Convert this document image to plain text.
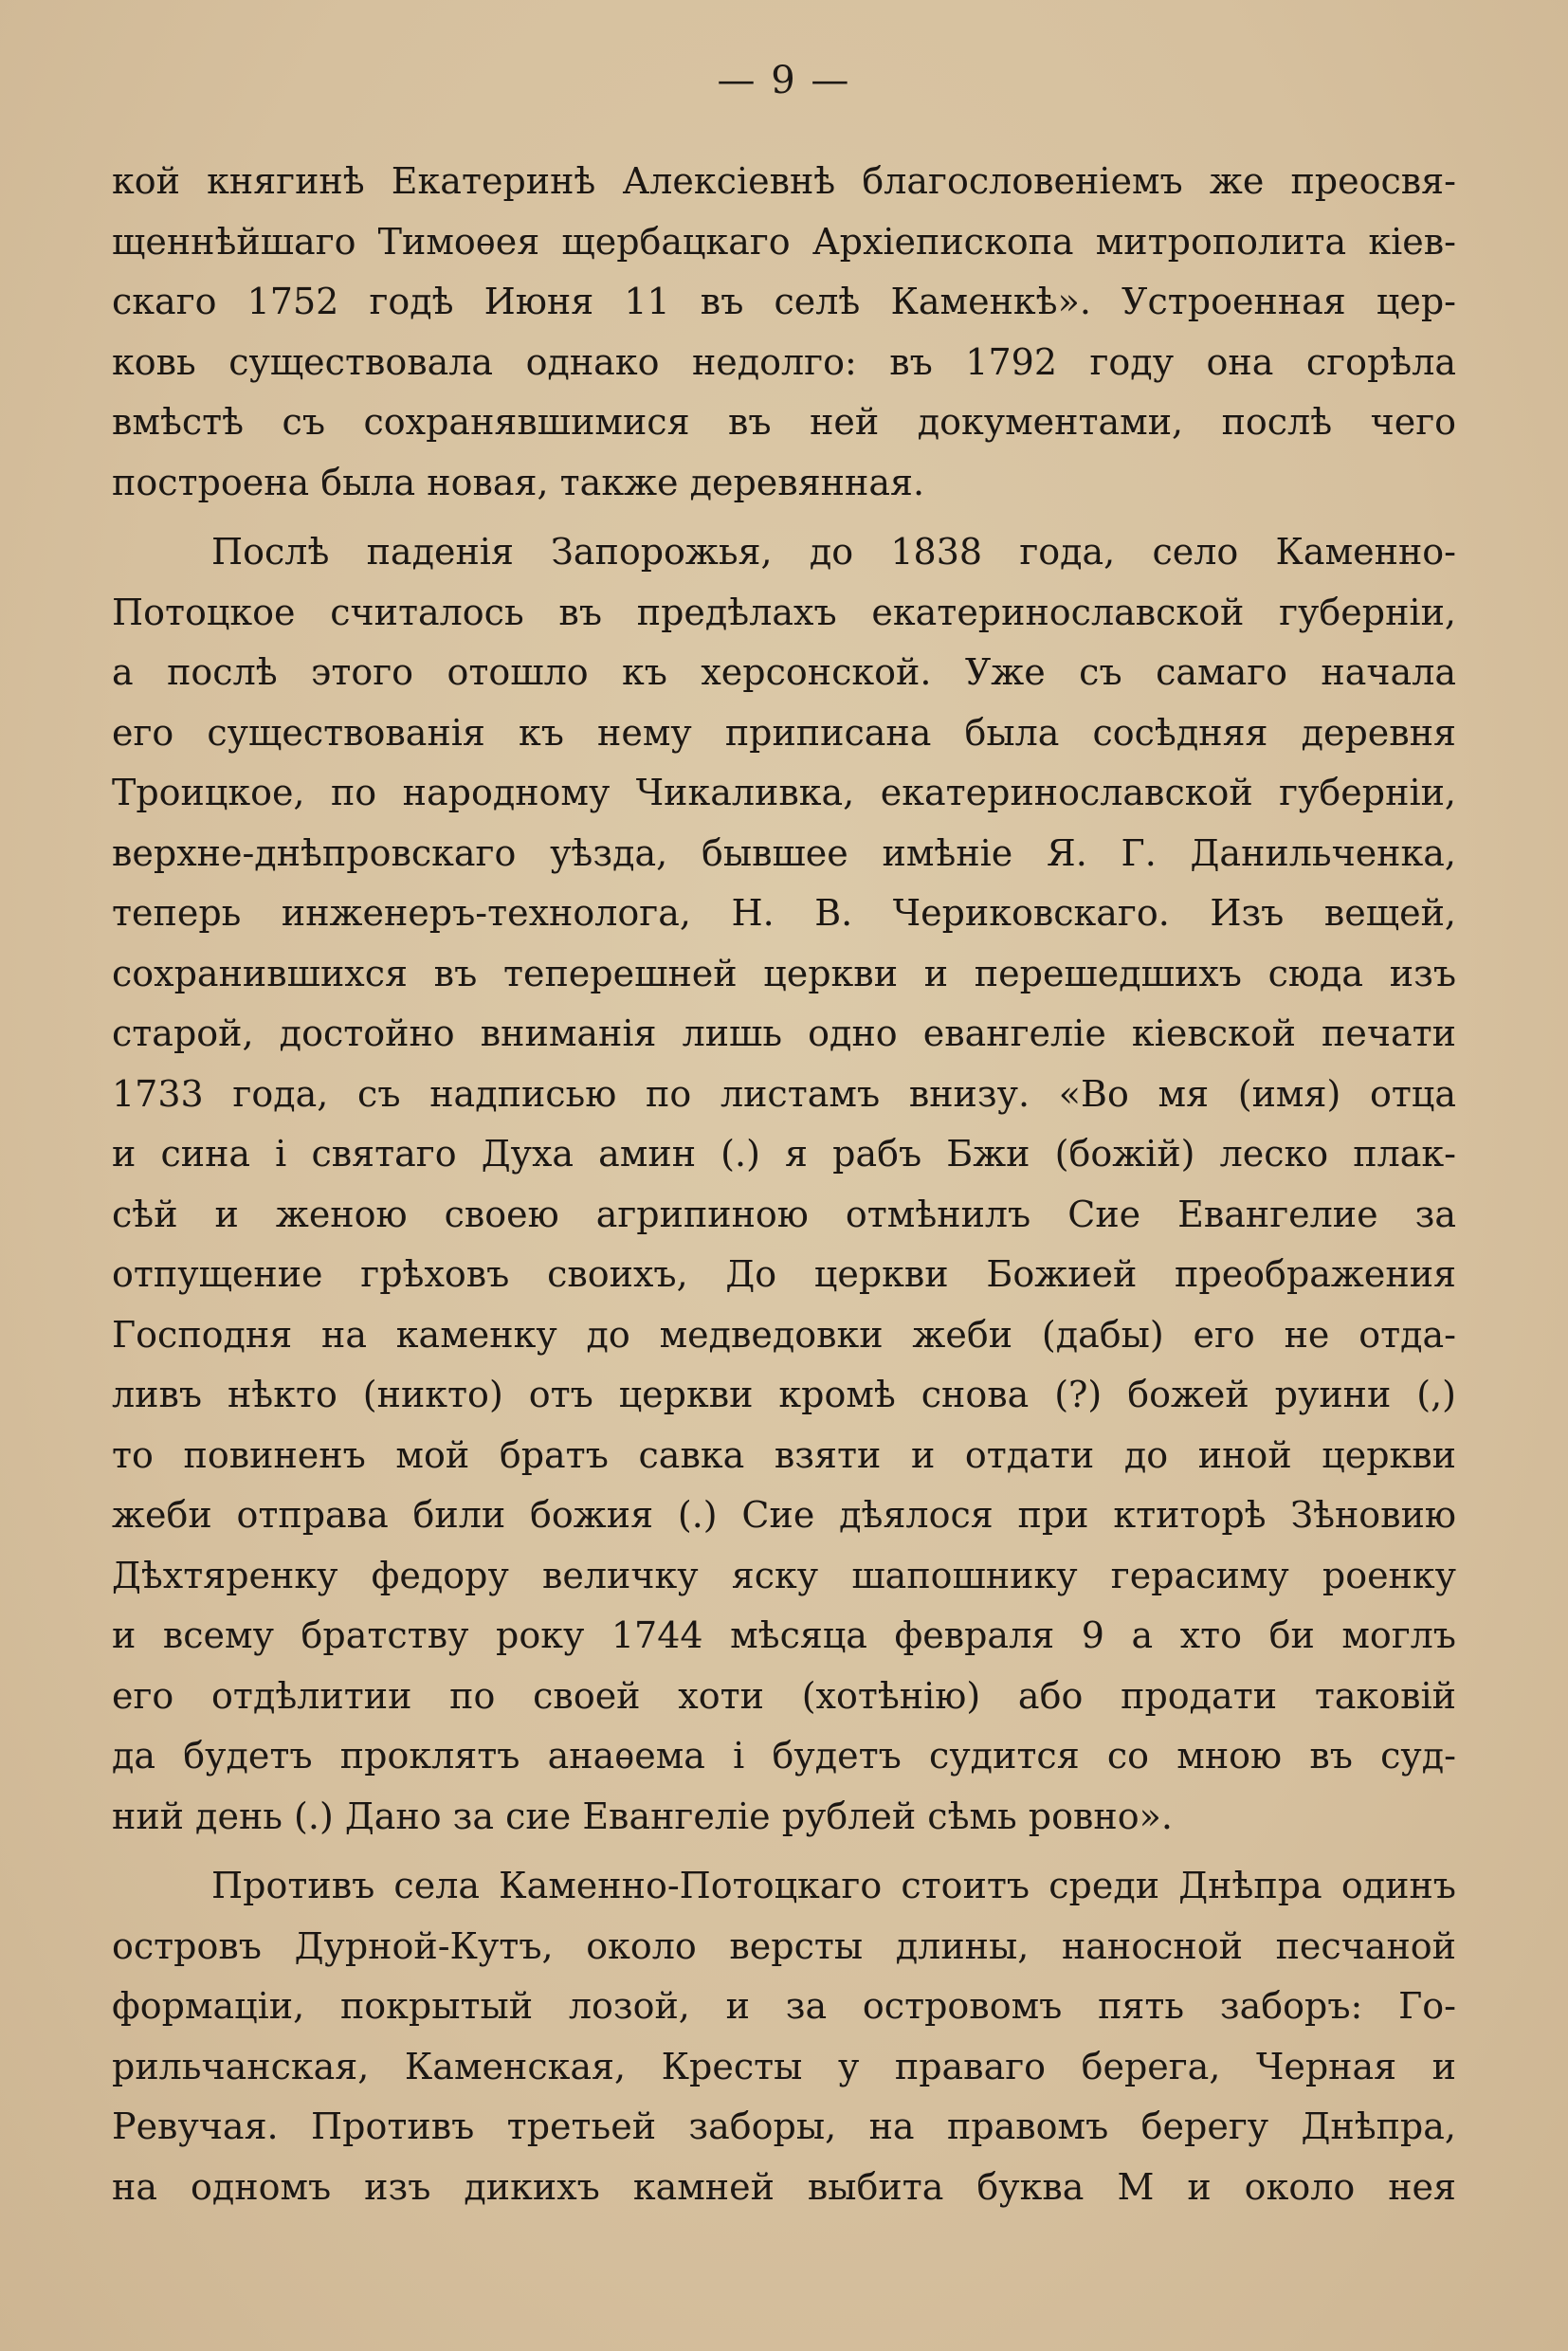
— 9 —
кой княгинѣ Екатеринѣ Алексіевнѣ благословеніемъ же преосвя-
щеннѣйшаго Тимоѳея щербацкаго Архіепископа митрополита кіев-
скаго 1752 годѣ Июня 11 въ селѣ Каменкѣ». Устроенная цер-
ковь существовала однако недолго: въ 1792 году она сгорѣла
вмѣстѣ съ сохранявшимися въ ней документами, послѣ чего
построена была новая, также деревянная.
Послѣ паденія Запорожья, до 1838 года, село Каменно-
Потоцкое считалось въ предѣлахъ екатеринославской губерніи,
а послѣ этого отошло къ херсонской. Уже съ самаго начала
его существованія къ нему приписана была сосѣдняя деревня
Троицкое, по народному Чикаливка, екатеринославской губерніи,
верхне-днѣпровскаго уѣзда, бывшее имѣніе Я. Г. Данильченка,
теперь инженеръ-технолога, Н. В. Чериковскаго. Изъ вещей,
сохранившихся въ теперешней церкви и перешедшихъ сюда изъ
старой, достойно вниманія лишь одно евангеліе кіевской печати
1733 года, съ надписью по листамъ внизу. «Во мя (имя) отца
и сина і святаго Духа амин (.) я рабъ Бжи (божій) леско плак-
сѣй и женою своею агрипиною отмѣнилъ Сие Евангелие за
отпущение грѣховъ своихъ, До церкви Божией преображения
Господня на каменку до медведовки жеби (дабы) его не отда-
ливъ нѣкто (никто) отъ церкви кромѣ снова (?) божей руини (,)
то повиненъ мой братъ савка взяти и отдати до иной церкви
жеби отправа били божия (.) Сие дѣялося при ктиторѣ Зѣновию
Дѣхтяренку федору величку яску шапошнику герасиму роенку
и всему братству року 1744 мѣсяца февраля 9 а хто би моглъ
его отдѣлитии по своей хоти (хотѣнію) або продати таковій
да будетъ проклятъ анаѳема і будетъ судится со мною въ суд-
ний день (.) Дано за сие Евангеліе рублей сѣмь ровно».
Противъ села Каменно-Потоцкаго стоитъ среди Днѣпра одинъ
островъ Дурной-Кутъ, около версты длины, наносной песчаной
формаціи, покрытый лозой, и за островомъ пять заборъ: Го-
рильчанская, Каменская, Кресты у праваго берега, Черная и
Ревучая. Противъ третьей заборы, на правомъ берегу Днѣпра,
на одномъ изъ дикихъ камней выбита буква М и около нея
